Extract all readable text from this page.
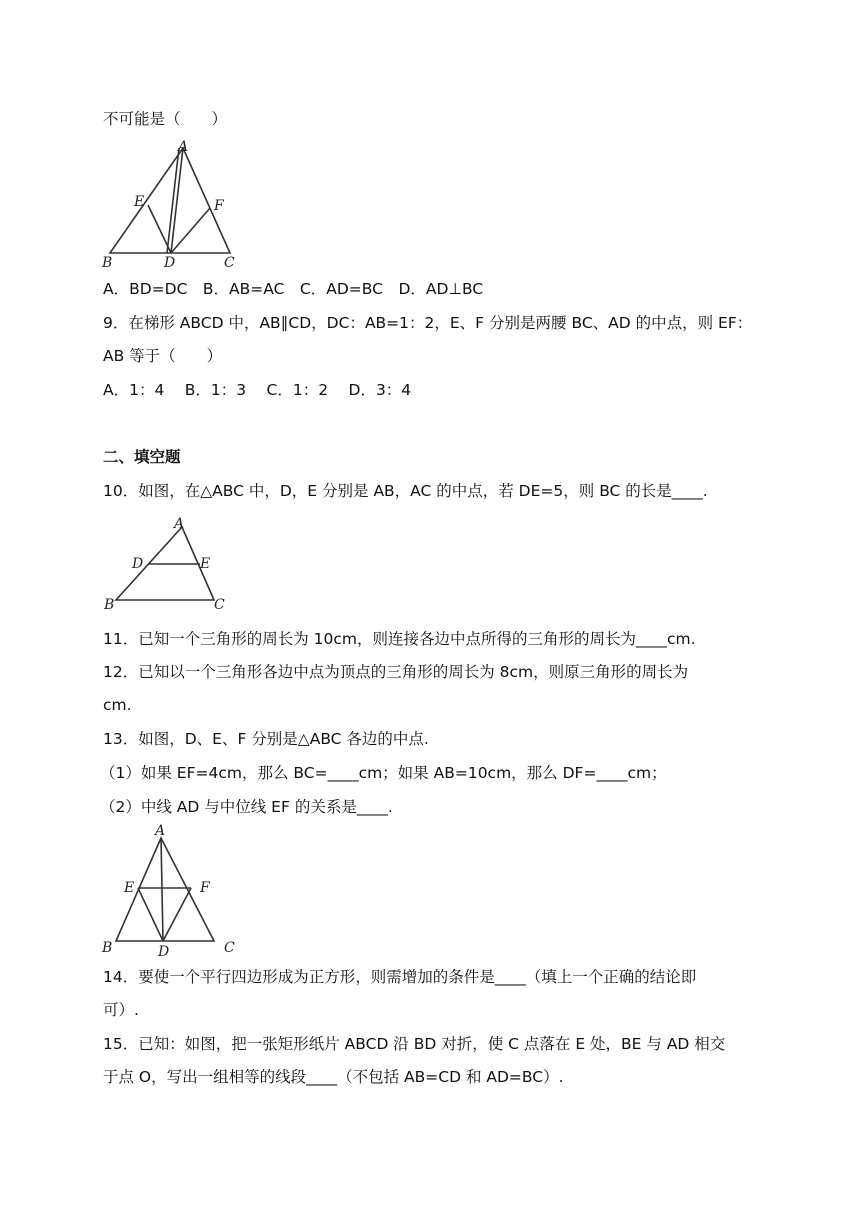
不可能是（　　）
A
E	F
B	D	C
A．BD=DC　B．AB=AC　C．AD=BC　D．AD⊥BC
9．在梯形 ABCD 中，AB∥CD，DC：AB=1：2，E、F 分别是两腰 BC、AD 的中点，则 EF：
AB 等于（　　）
A．1：4　 B．1：3　 C．1：2　 D．3：4
二、填空题
10．如图，在△ABC 中，D，E 分别是 AB，AC 的中点，若 DE=5，则 BC 的长是____.
A
D	E
B	C
11．已知一个三角形的周长为 10cm，则连接各边中点所得的三角形的周长为____cm.
12．已知以一个三角形各边中点为顶点的三角形的周长为 8cm，则原三角形的周长为
cm.
13．如图，D、E、F 分别是△ABC 各边的中点.
（1）如果 EF=4cm，那么 BC=____cm；如果 AB=10cm，那么 DF=____cm；
（2）中线 AD 与中位线 EF 的关系是____.
A
E	F
B	D	C
14．要使一个平行四边形成为正方形，则需增加的条件是____（填上一个正确的结论即
可）.
15．已知：如图，把一张矩形纸片 ABCD 沿 BD 对折，使 C 点落在 E 处，BE 与 AD 相交
于点 O，写出一组相等的线段____（不包括 AB=CD 和 AD=BC）.
